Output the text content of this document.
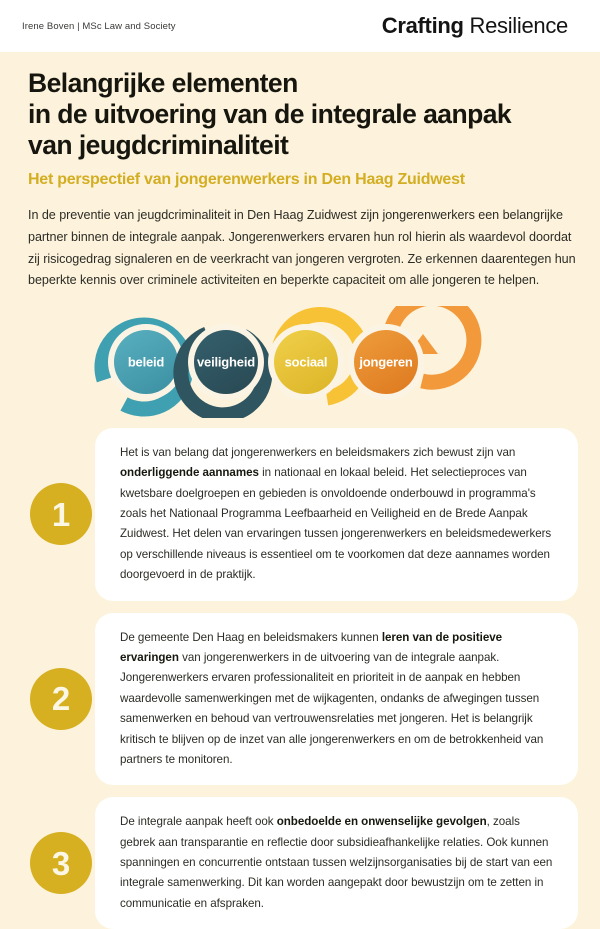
Irene Boven | MSc Law and Society	Crafting Resilience
Belangrijke elementen
in de uitvoering van de integrale aanpak
van jeugdcriminaliteit
Het perspectief van jongerenwerkers in Den Haag Zuidwest

In de preventie van jeugdcriminaliteit in Den Haag Zuidwest zijn jongerenwerkers een belangrijke partner binnen de integrale aanpak. Jongerenwerkers ervaren hun rol hierin als waardevol doordat zij risicogedrag signaleren en de veerkracht van jongeren vergroten. Ze erkennen daarentegen hun beperkte kennis over criminele activiteiten en beperkte capaciteit om alle jongeren te helpen.

beleid	veiligheid sociaal jongeren
1
Het is van belang dat jongerenwerkers en beleidsmakers zich bewust zijn van onderliggende aannames in nationaal en lokaal beleid. Het selectieproces van kwetsbare doelgroepen en gebieden is onvoldoende onderbouwd in programma's zoals het Nationaal Programma Leefbaarheid en Veiligheid en de Brede Aanpak Zuidwest. Het delen van ervaringen tussen jongerenwerkers en beleidsmedewerkers op verschillende niveaus is essentieel om te voorkomen dat deze aannames worden doorgevoerd in de praktijk.
2
De gemeente Den Haag en beleidsmakers kunnen leren van de positieve ervaringen van jongerenwerkers in de uitvoering van de integrale aanpak. Jongerenwerkers ervaren professionaliteit en prioriteit in de aanpak en hebben waardevolle samenwerkingen met de wijkagenten, ondanks de afwegingen tussen samenwerken en behoud van vertrouwensrelaties met jongeren. Het is belangrijk kritisch te blijven op de inzet van alle jongerenwerkers en om de betrokkenheid van partners te monitoren.
3
De integrale aanpak heeft ook onbedoelde en onwenselijke gevolgen, zoals gebrek aan transparantie en reflectie door subsidieafhankelijke relaties. Ook kunnen spanningen en concurrentie ontstaan tussen welzijnsorganisaties bij de start van een integrale samenwerking. Dit kan worden aangepakt door bewustzijn om te zetten in communicatie en afspraken.
